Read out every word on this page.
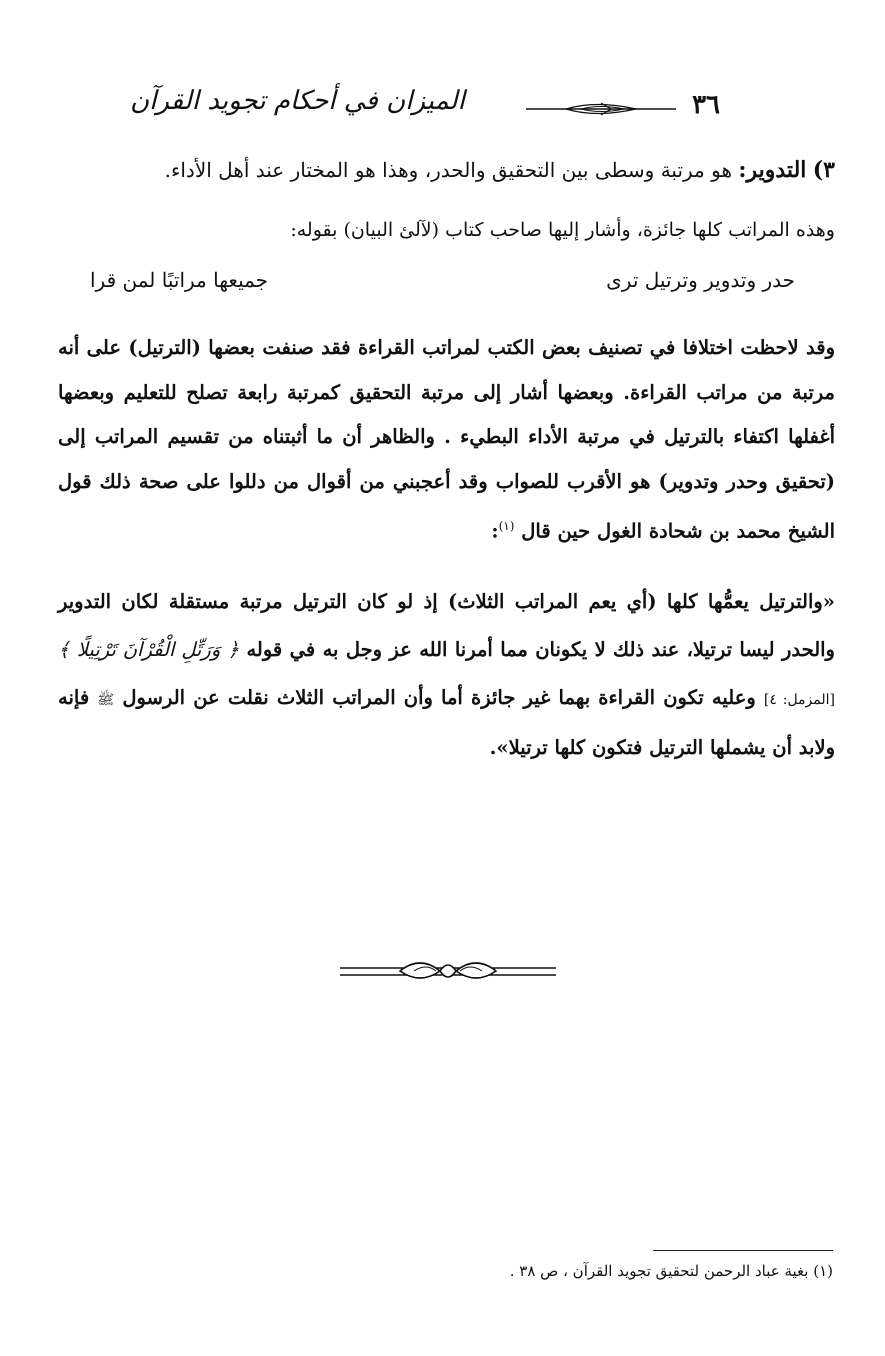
٣٦
الميزان في أحكام تجويد القرآن
٣) التدوير: هو مرتبة وسطى بين التحقيق والحدر، وهذا هو المختار عند أهل الأداء.
وهذه المراتب كلها جائزة، وأشار إليها صاحب كتاب (لآلئ البيان) بقوله:
حدر وتدوير وترتيل ترى
جميعها مراتبًا لمن قرا
وقد لاحظت اختلافا في تصنيف بعض الكتب لمراتب القراءة فقد صنفت بعضها (الترتيل) على أنه مرتبة من مراتب القراءة. وبعضها أشار إلى مرتبة التحقيق كمرتبة رابعة تصلح للتعليم وبعضها أغفلها اكتفاء بالترتيل في مرتبة الأداء البطيء . والظاهر أن ما أثبتناه من تقسيم المراتب إلى (تحقيق وحدر وتدوير) هو الأقرب للصواب وقد أعجبني من أقوال من دللوا على صحة ذلك قول الشيخ محمد بن شحادة الغول حين قال $^{(١)}$:
«والترتيل يعمُّها كلها (أي يعم المراتب الثلاث) إذ لو كان الترتيل مرتبة مستقلة لكان التدوير والحدر ليسا ترتيلا، عند ذلك لا يكونان مما أمرنا الله عز وجل به في قوله ﴿ وَرَتِّلِ الْقُرْآنَ تَرْتِيلًا ﴾ [المزمل: ٤] وعليه تكون القراءة بهما غير جائزة أما وأن المراتب الثلاث نقلت عن الرسول ﷺ فإنه ولابد أن يشملها الترتيل فتكون كلها ترتيلا».
(١) بغية عباد الرحمن لتحقيق تجويد القرآن ، ص ٣٨ .
